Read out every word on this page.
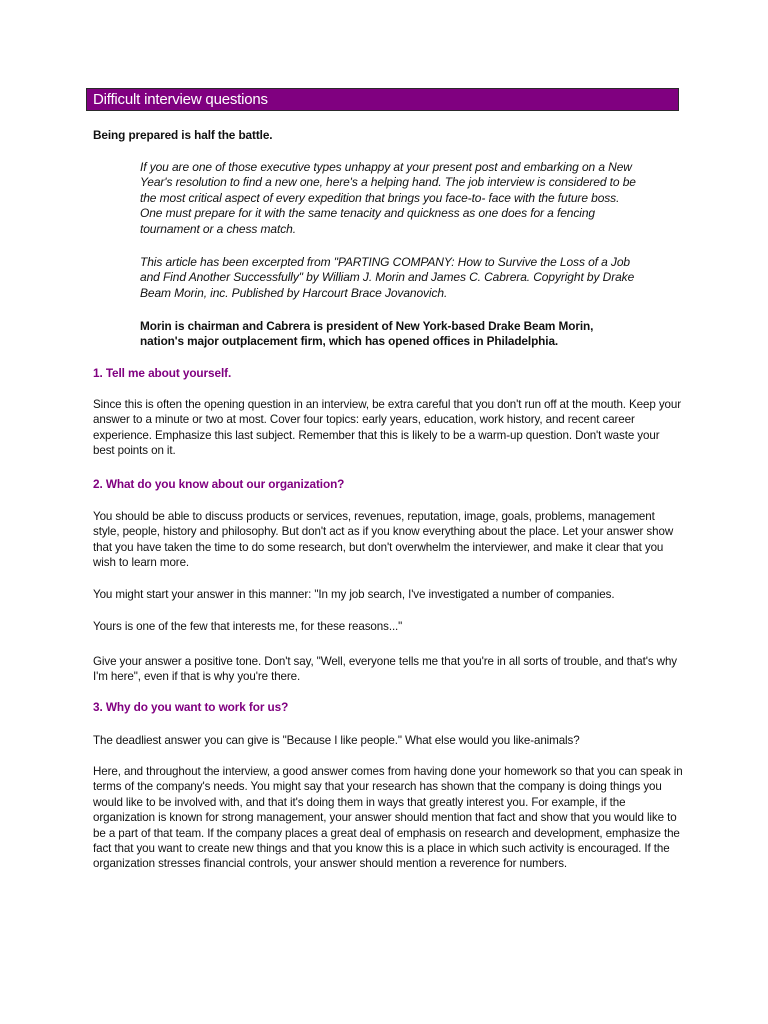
Difficult interview questions

Being prepared is half the battle.

If you are one of those executive types unhappy at your present post and embarking on a New Year's resolution to find a new one, here's a helping hand. The job interview is considered to be the most critical aspect of every expedition that brings you face-to- face with the future boss. One must prepare for it with the same tenacity and quickness as one does for a fencing tournament or a chess match.

This article has been excerpted from "PARTING COMPANY: How to Survive the Loss of a Job and Find Another Successfully" by William J. Morin and James C. Cabrera. Copyright by Drake Beam Morin, inc. Published by Harcourt Brace Jovanovich.

Morin is chairman and Cabrera is president of New York-based Drake Beam Morin, nation's major outplacement firm, which has opened offices in Philadelphia.

1. Tell me about yourself.

Since this is often the opening question in an interview, be extra careful that you don't run off at the mouth. Keep your answer to a minute or two at most. Cover four topics: early years, education, work history, and recent career experience. Emphasize this last subject. Remember that this is likely to be a warm-up question. Don't waste your best points on it.

2. What do you know about our organization?

You should be able to discuss products or services, revenues, reputation, image, goals, problems, management style, people, history and philosophy. But don't act as if you know everything about the place. Let your answer show that you have taken the time to do some research, but don't overwhelm the interviewer, and make it clear that you wish to learn more.

You might start your answer in this manner: "In my job search, I've investigated a number of companies.

Yours is one of the few that interests me, for these reasons..."

Give your answer a positive tone. Don't say, "Well, everyone tells me that you're in all sorts of trouble, and that's why I'm here", even if that is why you're there.

3. Why do you want to work for us?

The deadliest answer you can give is "Because I like people." What else would you like-animals?

Here, and throughout the interview, a good answer comes from having done your homework so that you can speak in terms of the company's needs. You might say that your research has shown that the company is doing things you would like to be involved with, and that it's doing them in ways that greatly interest you. For example, if the organization is known for strong management, your answer should mention that fact and show that you would like to be a part of that team. If the company places a great deal of emphasis on research and development, emphasize the fact that you want to create new things and that you know this is a place in which such activity is encouraged. If the organization stresses financial controls, your answer should mention a reverence for numbers.
